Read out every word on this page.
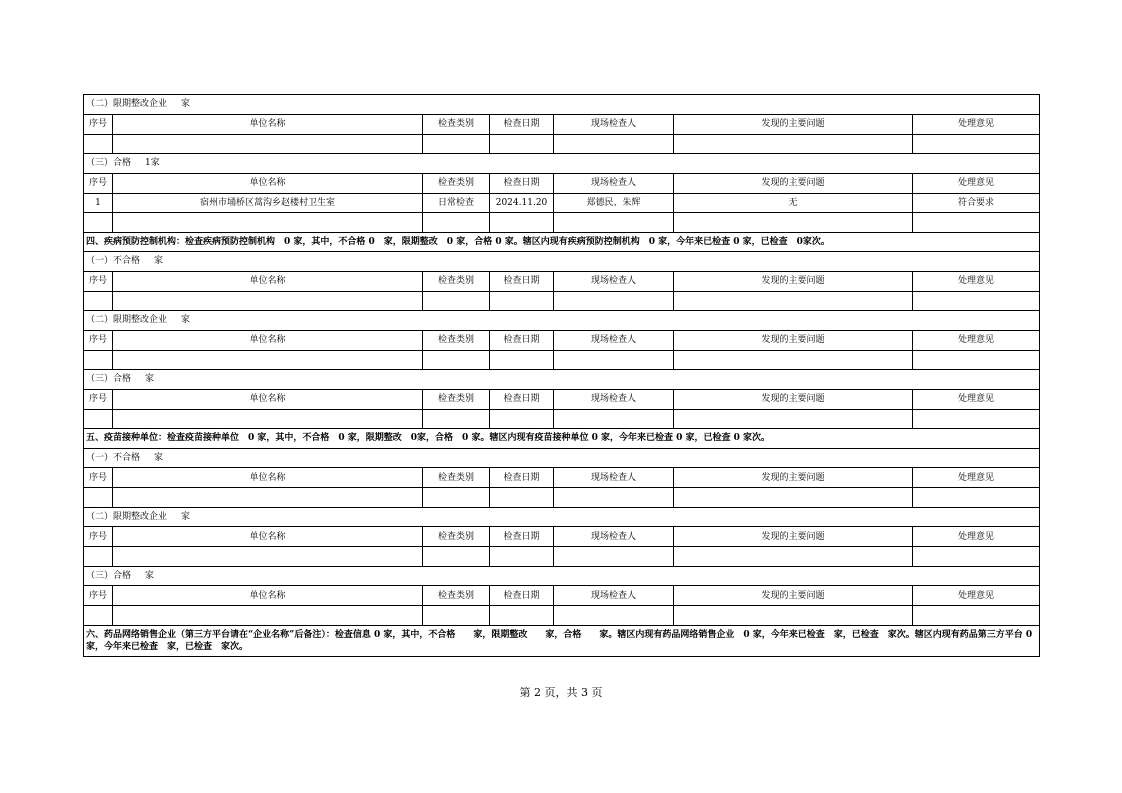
（二）限期整改企业 家						
序号	单位名称	检查类别	检查日期	现场检查人	发现的主要问题	处理意见

（三）合格 1家						
序号	单位名称	检查类别	检查日期	现场检查人	发现的主要问题	处理意见
1	宿州市埇桥区蒿沟乡赵楼村卫生室	日常检查	2024.11.20	郑德民、朱辉	无	符合要求

四、疾病预防控制机构：检查疾病预防控制机构　0 家，其中，不合格 0　家，限期整改　0 家，合格 0 家。辖区内现有疾病预防控制机构　0 家，今年来已检查 0 家，已检查　0家次。						
（一）不合格 家						
序号	单位名称	检查类别	检查日期	现场检查人	发现的主要问题	处理意见

（二）限期整改企业 家						
序号	单位名称	检查类别	检查日期	现场检查人	发现的主要问题	处理意见

（三）合格 家						
序号	单位名称	检查类别	检查日期	现场检查人	发现的主要问题	处理意见

五、疫苗接种单位：检查疫苗接种单位　0 家，其中，不合格　0 家，限期整改　0家，合格　0 家。辖区内现有疫苗接种单位 0 家，今年来已检查 0 家，已检查 0 家次。						
（一）不合格 家						
序号	单位名称	检查类别	检查日期	现场检查人	发现的主要问题	处理意见

（二）限期整改企业 家						
序号	单位名称	检查类别	检查日期	现场检查人	发现的主要问题	处理意见

（三）合格 家						
序号	单位名称	检查类别	检查日期	现场检查人	发现的主要问题	处理意见

六、药品网络销售企业（第三方平台请在“企业名称”后备注）：检查信息 0 家，其中，不合格　　家，限期整改　　家，合格　　家。辖区内现有药品网络销售企业　0 家，今年来已检查　家，已检查　家次。辖区内现有药品第三方平台 0　家，今年来已检查　家，已检查　家次。						
第 2 页，共 3 页
